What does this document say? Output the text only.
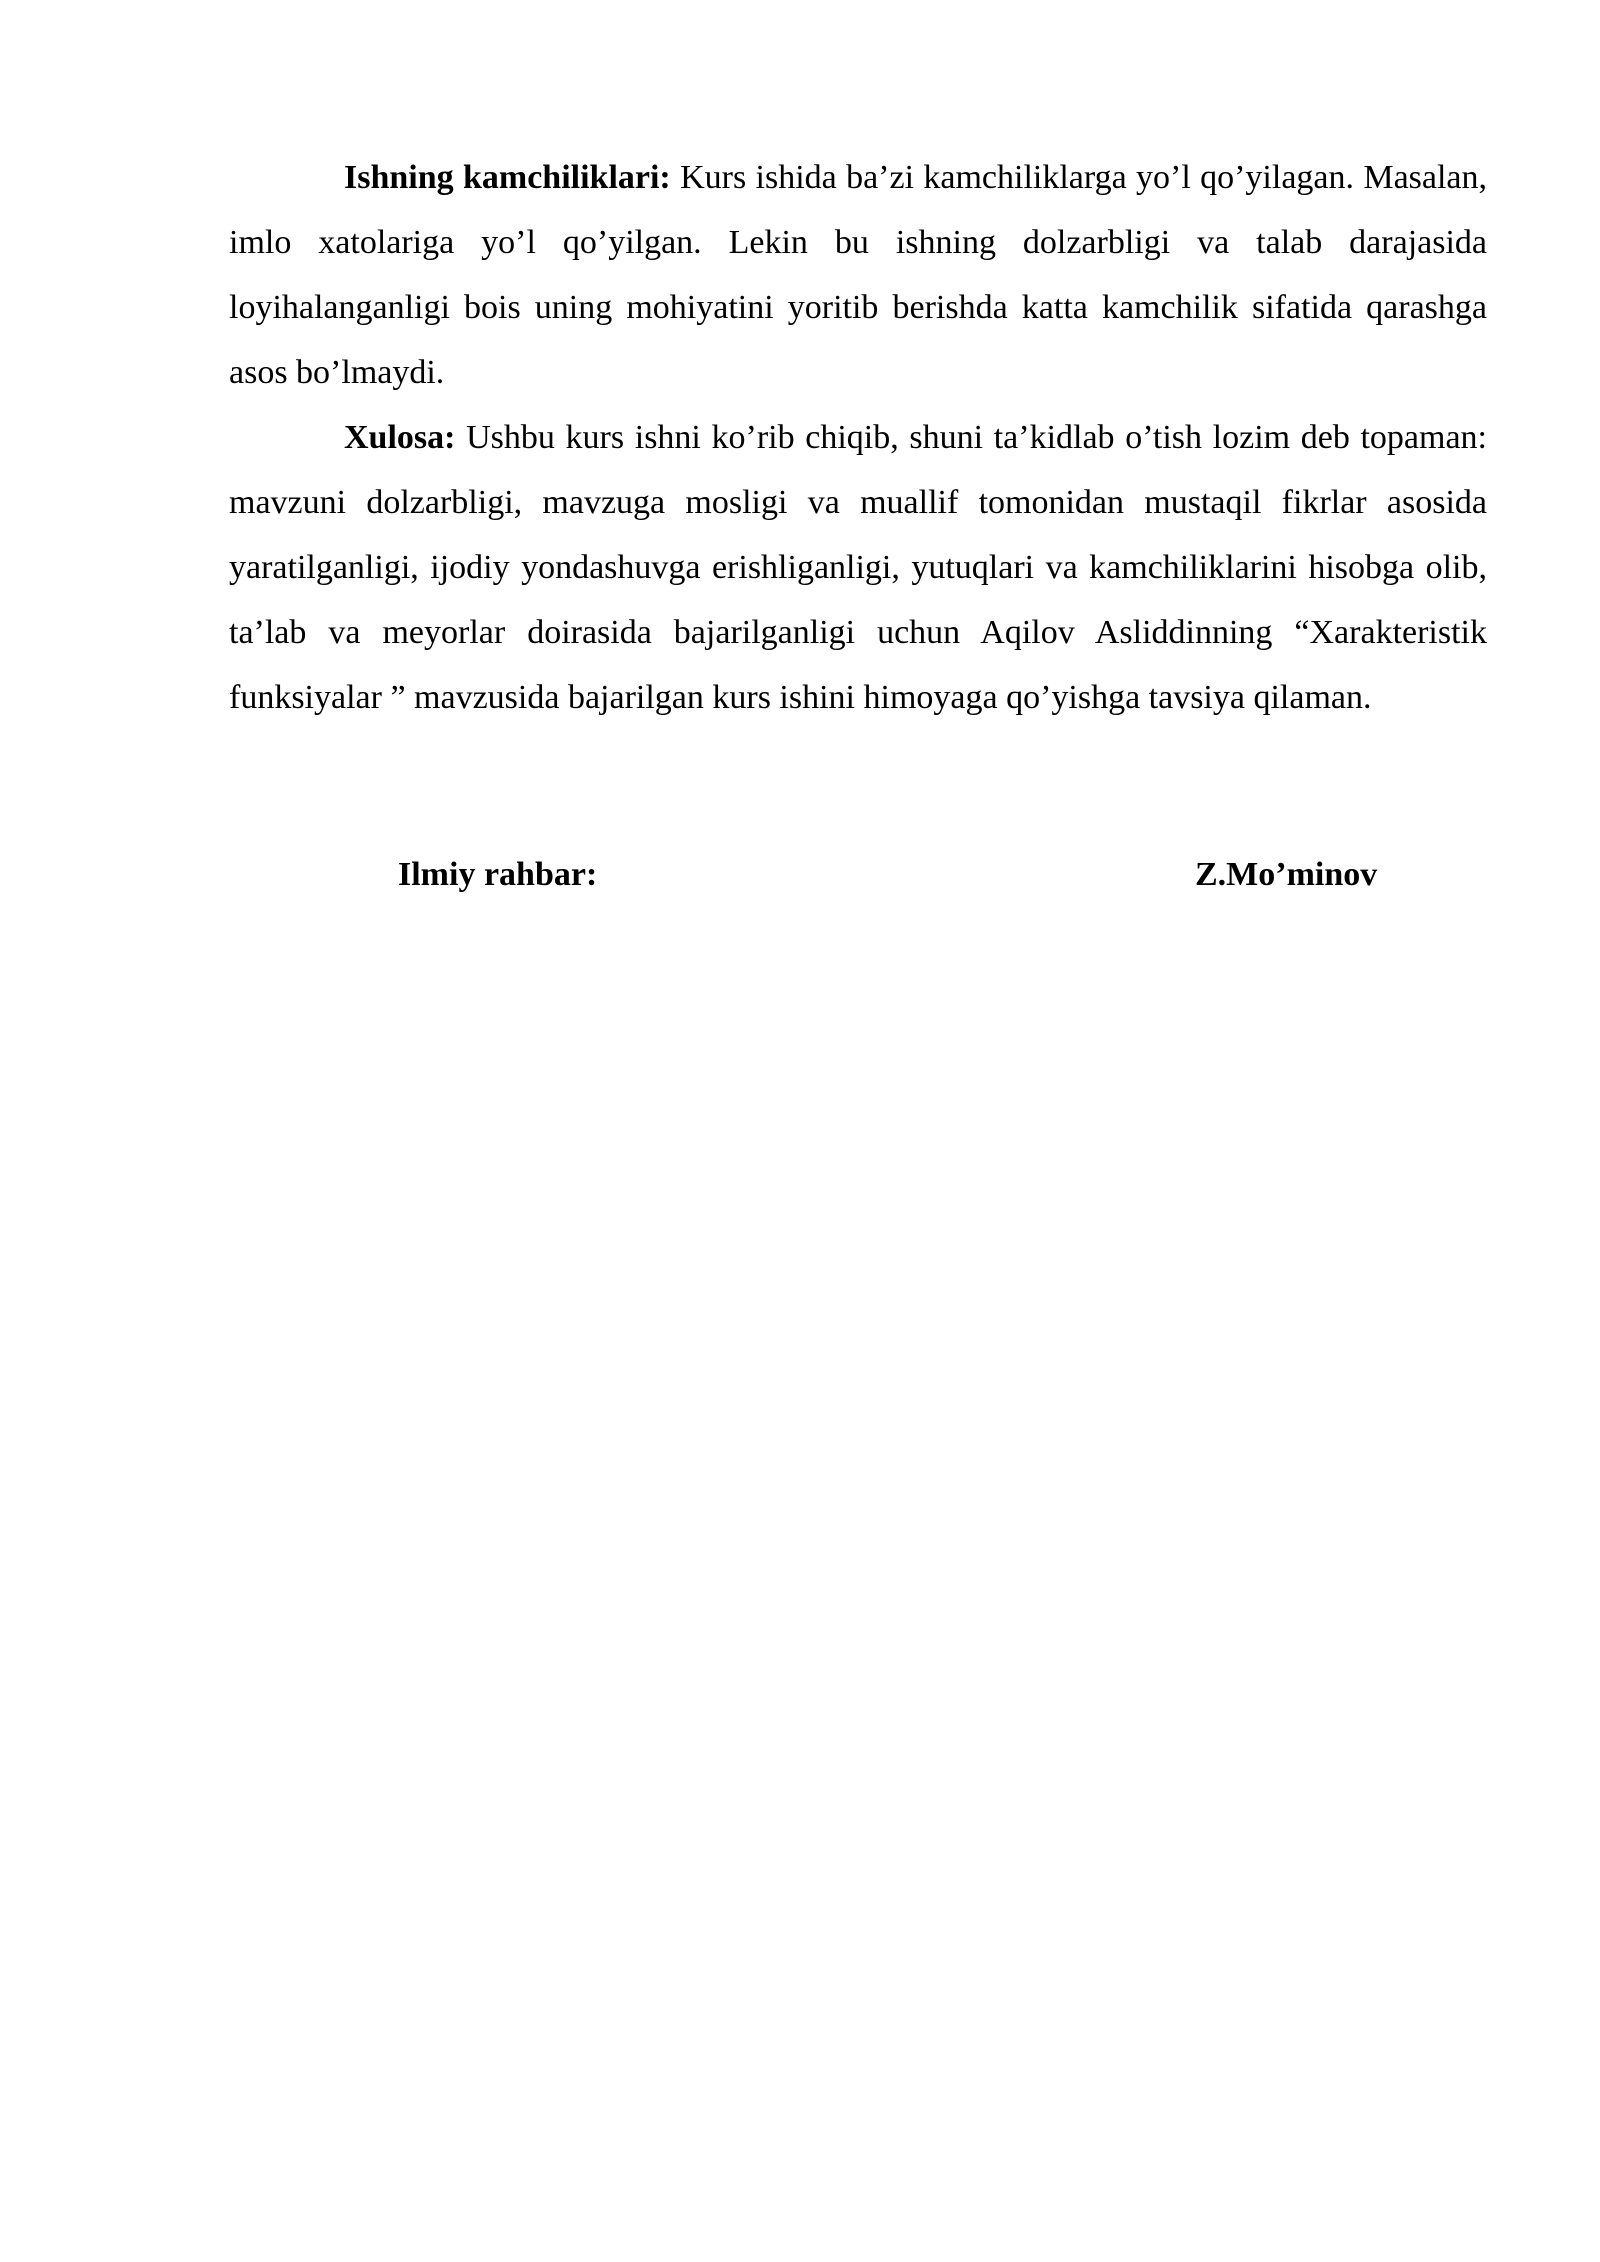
Ishning kamchiliklari: Kurs ishida ba’zi kamchiliklarga yo’l qo’yilagan. Masalan, imlo xatolariga yo’l qo’yilgan. Lekin bu ishning dolzarbligi va talab darajasida loyihalanganligi bois uning mohiyatini yoritib berishda katta kamchilik sifatida qarashga asos bo’lmaydi.

Xulosa: Ushbu kurs ishni ko’rib chiqib, shuni ta’kidlab o’tish lozim deb topaman: mavzuni dolzarbligi, mavzuga mosligi va muallif tomonidan mustaqil fikrlar asosida yaratilganligi, ijodiy yondashuvga erishliganligi, yutuqlari va kamchiliklarini hisobga olib, ta’lab va meyorlar doirasida bajarilganligi uchun Aqilov Asliddinning “Xarakteristik funksiyalar ” mavzusida bajarilgan kurs ishini himoyaga qo’yishga tavsiya qilaman.

Ilmiy rahbar:	Z.Mo’minov
